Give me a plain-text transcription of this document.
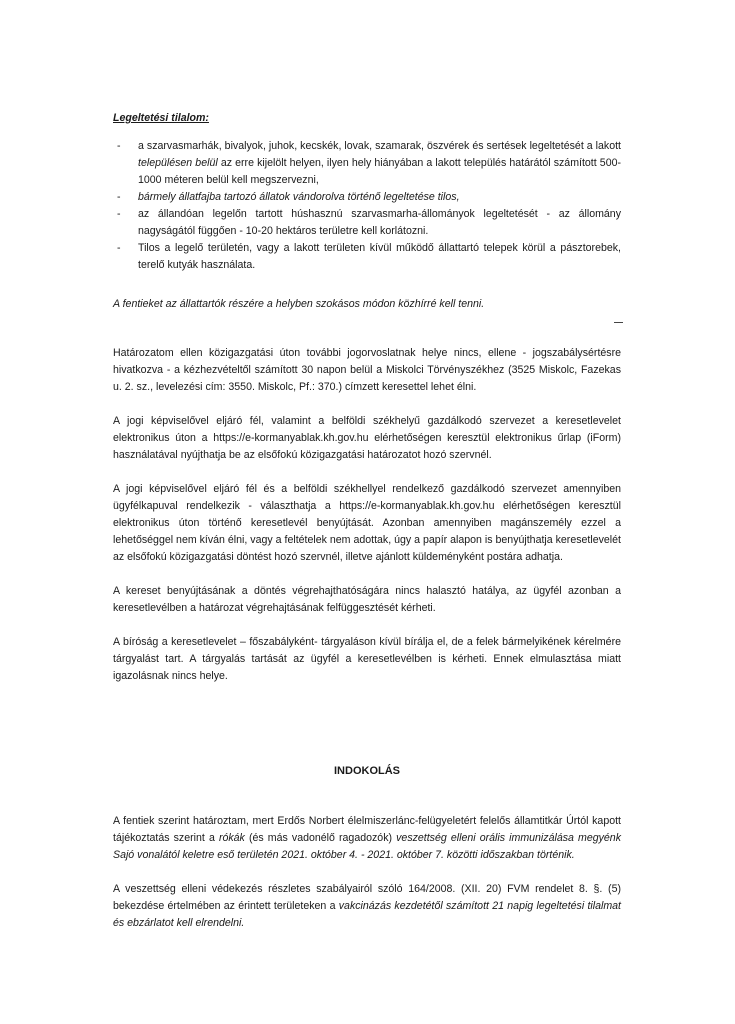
Legeltetési tilalom:

- a szarvasmarhák, bivalyok, juhok, kecskék, lovak, szamarak, öszvérek és sertések legeltetését a lakott településen belül az erre kijelölt helyen, ilyen hely hiányában a lakott település határától számított 500-1000 méteren belül kell megszervezni,
- bármely állatfajba tartozó állatok vándorolva történő legeltetése tilos,
- az állandóan legelőn tartott húshasznú szarvasmarha-állományok legeltetését - az állomány nagyságától függően - 10-20 hektáros területre kell korlátozni.
- Tilos a legelő területén, vagy a lakott területen kívül működő állattartó telepek körül a pásztorebek, terelő kutyák használata.

A fentieket az állattartók részére a helyben szokásos módon közhírré kell tenni.

Határozatom ellen közigazgatási úton további jogorvoslatnak helye nincs, ellene - jogszabálysértésre hivatkozva - a kézhezvételtől számított 30 napon belül a Miskolci Törvényszékhez (3525 Miskolc, Fazekas u. 2. sz., levelezési cím: 3550. Miskolc, Pf.: 370.) címzett keresettel lehet élni.

A jogi képviselővel eljáró fél, valamint a belföldi székhelyű gazdálkodó szervezet a keresetlevelet elektronikus úton a https://e-kormanyablak.kh.gov.hu elérhetőségen keresztül elektronikus űrlap (iForm) használatával nyújthatja be az elsőfokú közigazgatási határozatot hozó szervnél.

A jogi képviselővel eljáró fél és a belföldi székhellyel rendelkező gazdálkodó szervezet amennyiben ügyfélkapuval rendelkezik - választhatja a https://e-kormanyablak.kh.gov.hu elérhetőségen keresztül elektronikus úton történő keresetlevél benyújtását. Azonban amennyiben magánszemély ezzel a lehetőséggel nem kíván élni, vagy a feltételek nem adottak, úgy a papír alapon is benyújthatja keresetlevelét az elsőfokú közigazgatási döntést hozó szervnél, illetve ajánlott küldeményként postára adhatja.

A kereset benyújtásának a döntés végrehajthatóságára nincs halasztó hatálya, az ügyfél azonban a keresetlevélben a határozat végrehajtásának felfüggesztését kérheti.

A bíróság a keresetlevelet – főszabályként- tárgyaláson kívül bírálja el, de a felek bármelyikének kérelmére tárgyalást tart. A tárgyalás tartását az ügyfél a keresetlevélben is kérheti. Ennek elmulasztása miatt igazolásnak nincs helye.

INDOKOLÁS

A fentiek szerint határoztam, mert Erdős Norbert élelmiszerlánc-felügyeletért felelős államtitkár Úrtól kapott tájékoztatás szerint a rókák (és más vadonélő ragadozók) veszettség elleni orális immunizálása megyénk Sajó vonalától keletre eső területén 2021. október 4. - 2021. október 7. közötti időszakban történik.

A veszettség elleni védekezés részletes szabályairól szóló 164/2008. (XII. 20) FVM rendelet 8. §. (5) bekezdése értelmében az érintett területeken a vakcinázás kezdetétől számított 21 napig legeltetési tilalmat és ebzárlatot kell elrendelni.
